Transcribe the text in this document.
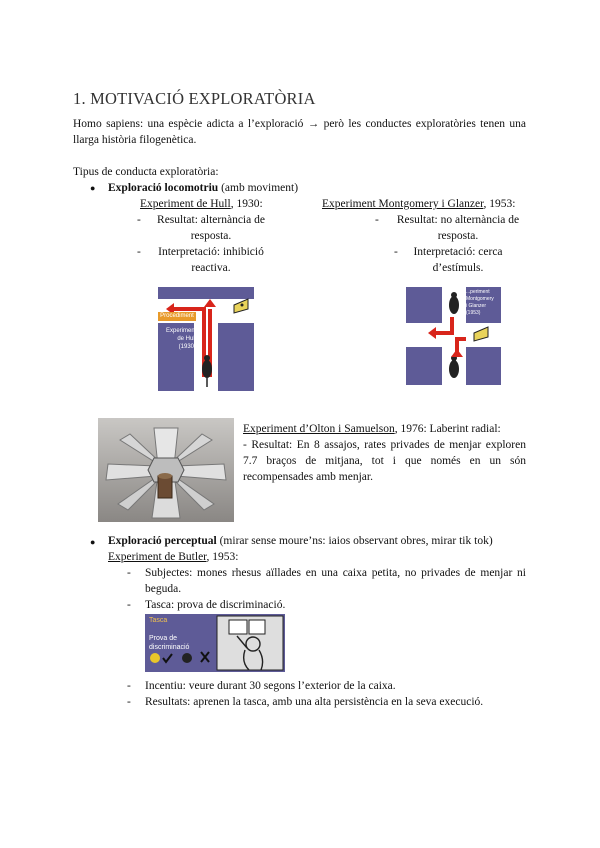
1. MOTIVACIÓ EXPLORATÒRIA
Homo sapiens: una espècie adicta a l’exploració → però les conductes exploratòries tenen una llarga història filogenètica.
Tipus de conducta exploratòria:
● Exploració locomotriu (amb moviment)
Experiment de Hull, 1930:
-	Resultat: alternància de resposta.
-	Interpretació: inhibició reactiva.
Experiment Montgomery i Glanzer, 1953:
-	Resultat: no alternància de resposta.
-	Interpretació: cerca d’estímuls.
Procediment
Experiment
de Hull
(1930)
...periment
Montgomery
i Glanzer
(1953)
Experiment d’Olton i Samuelson, 1976: Laberint radial:
- Resultat: En 8 assajos, rates privades de menjar exploren 7.7 braços de mitjana, tot i que només en un són recompensades amb menjar.
● Exploració perceptual (mirar sense moure’ns: iaios observant obres, mirar tik tok)
Experiment de Butler, 1953:
-	Subjectes: mones rhesus aïllades en una caixa petita, no privades de menjar ni beguda.
-	Tasca: prova de discriminació.
Tasca
Prova de
discriminació
-	Incentiu: veure durant 30 segons l’exterior de la caixa.
-	Resultats: aprenen la tasca, amb una alta persistència en la seva execució.
